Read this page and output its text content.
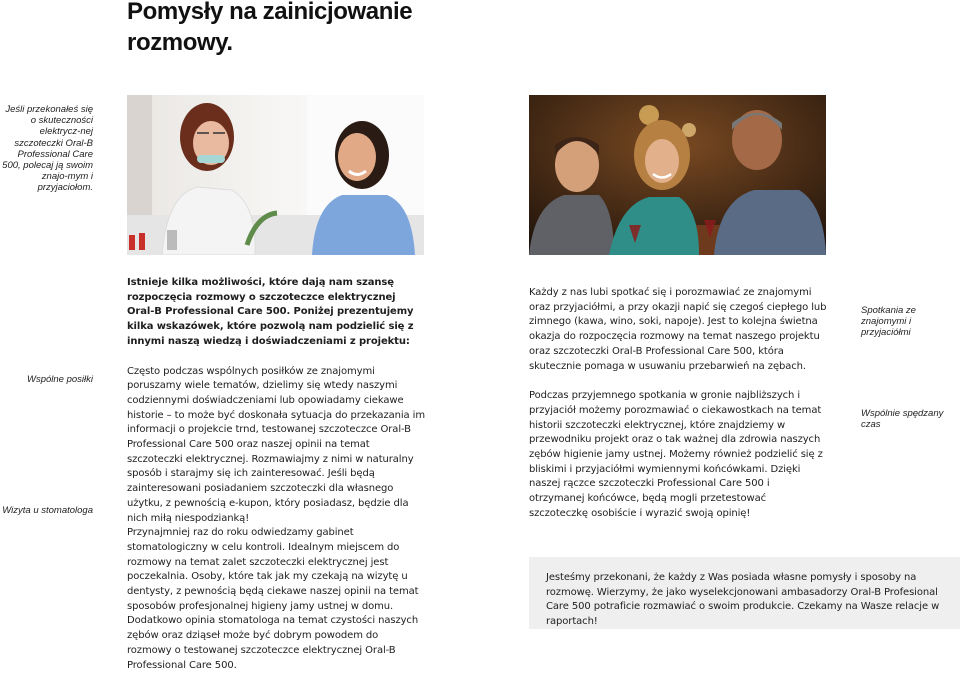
Pomysły na zainicjowanie rozmowy.
Jeśli przekonałeś się o skuteczności elektrycz-nej szczoteczki Oral-B Professional Care 500, polecaj ją swoim znajo-mym i przyjaciołom.
Wspólne posiłki
Wizyta u stomatologa
Spotkania ze znajomymi i przyjaciółmi
Wspólnie spędzany czas

Istnieje kilka możliwości, które dają nam szansę rozpoczęcia rozmowy o szczoteczce elektrycznej Oral-B Professional Care 500. Poniżej prezentujemy kilka wskazówek, które pozwolą nam podzielić się z innymi naszą wiedzą i doświadczeniami z projektu:

Często podczas wspólnych posiłków ze znajomymi poruszamy wiele tematów, dzielimy się wtedy naszymi codziennymi doświadczeniami lub opowiadamy ciekawe historie – to może być doskonała sytuacja do przekazania im informacji o projekcie trnd, testowanej szczoteczce Oral-B Professional Care 500 oraz naszej opinii na temat szczoteczki elektrycznej. Rozmawiajmy z nimi w naturalny sposób i starajmy się ich zainteresować. Jeśli będą zainteresowani posiadaniem szczoteczki dla własnego użytku, z pewnością e-kupon, który posiadasz, będzie dla nich miłą niespodzianką!

Przynajmniej raz do roku odwiedzamy gabinet stomatologiczny w celu kontroli. Idealnym miejscem do rozmowy na temat zalet szczoteczki elektrycznej jest poczekalnia. Osoby, które tak jak my czekają na wizytę u dentysty, z pewnością będą ciekawe naszej opinii na temat sposobów profesjonalnej higieny jamy ustnej w domu. Dodatkowo opinia stomatologa na temat czystości naszych zębów oraz dziąseł może być dobrym powodem do rozmowy o testowanej szczoteczce elektrycznej Oral-B Professional Care 500.

Każdy z nas lubi spotkać się i porozmawiać ze znajomymi oraz przyjaciółmi, a przy okazji napić się czegoś ciepłego lub zimnego (kawa, wino, soki, napoje). Jest to kolejna świetna okazja do rozpoczęcia rozmowy na temat naszego projektu oraz szczoteczki Oral-B Professional Care 500, która skutecznie pomaga w usuwaniu przebarwień na zębach.

Podczas przyjemnego spotkania w gronie najbliższych i przyjaciół możemy porozmawiać o ciekawostkach na temat historii szczoteczki elektrycznej, które znajdziemy w przewodniku projekt oraz o tak ważnej dla zdrowia naszych zębów higienie jamy ustnej. Możemy również podzielić się z bliskimi i przyjaciółmi wymiennymi końcówkami. Dzięki naszej rączce szczoteczki Professional Care 500 i otrzymanej końcówce, będą mogli przetestować szczoteczkę osobiście i wyrazić swoją opinię!

Jesteśmy przekonani, że każdy z Was posiada własne pomysły i sposoby na rozmowę. Wierzymy, że jako wyselekcjonowani ambasadorzy Oral-B Profesional Care 500 potraficie rozmawiać o swoim produkcie. Czekamy na Wasze relacje w raportach!
